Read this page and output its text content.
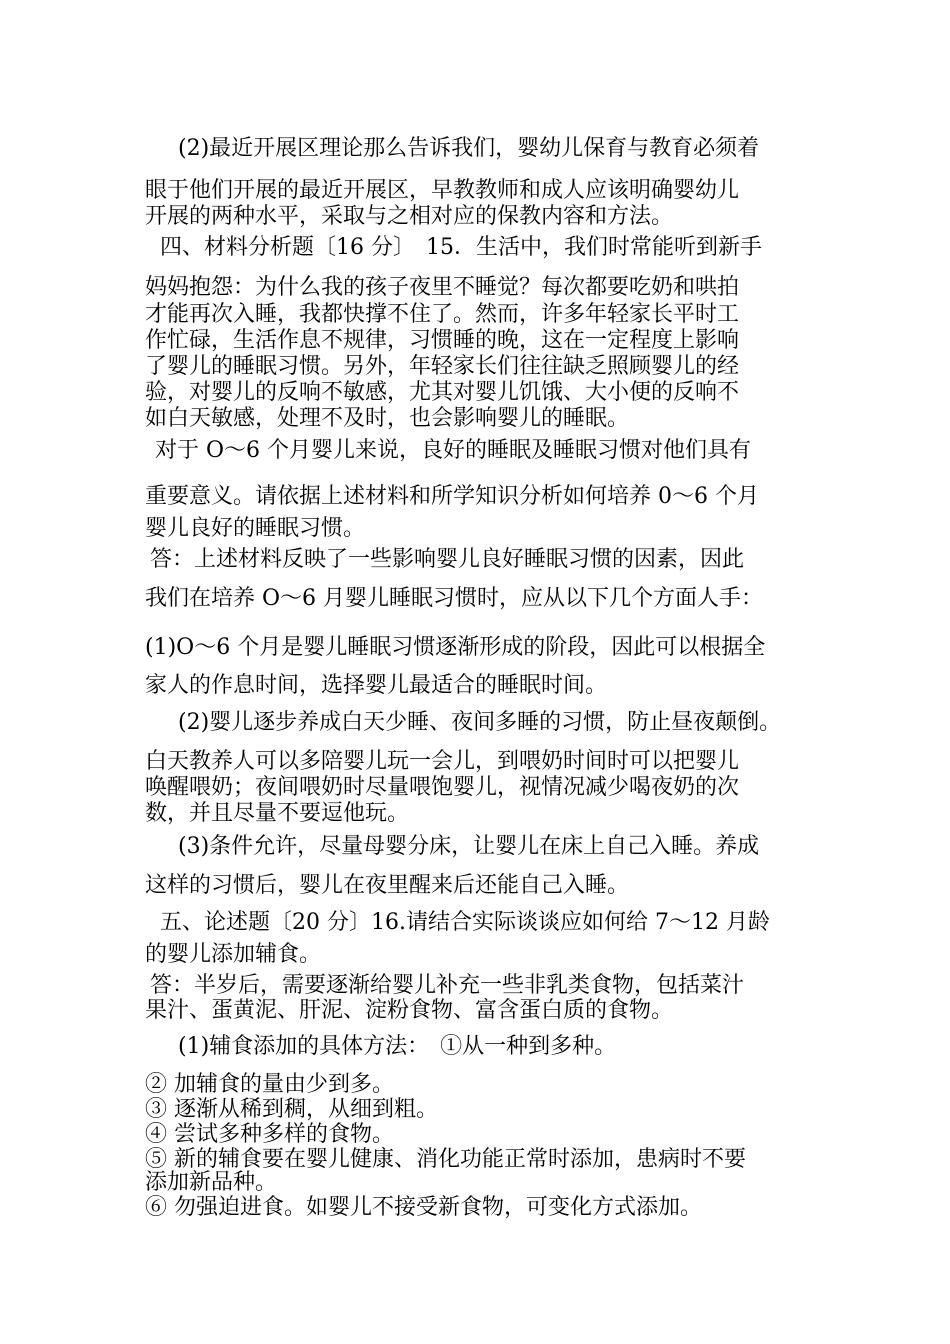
(2)最近开展区理论那么告诉我们，婴幼儿保育与教育必须着
眼于他们开展的最近开展区，早教教师和成人应该明确婴幼儿
开展的两种水平，采取与之相对应的保教内容和方法。
四、材料分析题〔16 分〕　15．生活中，我们时常能听到新手
妈妈抱怨：为什么我的孩子夜里不睡觉？每次都要吃奶和哄拍
才能再次入睡，我都快撑不住了。然而，许多年轻家长平时工
作忙碌，生活作息不规律，习惯睡的晚，这在一定程度上影响
了婴儿的睡眠习惯。另外，年轻家长们往往缺乏照顾婴儿的经
验，对婴儿的反响不敏感，尤其对婴儿饥饿、大小便的反响不
如白天敏感，处理不及时，也会影响婴儿的睡眠。
对于 O～6 个月婴儿来说，良好的睡眠及睡眠习惯对他们具有
重要意义。请依据上述材料和所学知识分析如何培养 0～6 个月
婴儿良好的睡眠习惯。
答：上述材料反映了一些影响婴儿良好睡眠习惯的因素，因此
我们在培养 O～6 月婴儿睡眠习惯时，应从以下几个方面人手：
(1)O～6 个月是婴儿睡眠习惯逐渐形成的阶段，因此可以根据全
家人的作息时间，选择婴儿最适合的睡眠时间。
(2)婴儿逐步养成白天少睡、夜间多睡的习惯，防止昼夜颠倒。
白天教养人可以多陪婴儿玩一会儿，到喂奶时间时可以把婴儿
唤醒喂奶；夜间喂奶时尽量喂饱婴儿，视情况减少喝夜奶的次
数，并且尽量不要逗他玩。
(3)条件允许，尽量母婴分床，让婴儿在床上自己入睡。养成
这样的习惯后，婴儿在夜里醒来后还能自己入睡。
五、论述题〔20 分〕16.请结合实际谈谈应如何给 7～12 月龄
的婴儿添加辅食。
答：半岁后，需要逐渐给婴儿补充一些非乳类食物，包括菜汁
果汁、蛋黄泥、肝泥、淀粉食物、富含蛋白质的食物。
(1)辅食添加的具体方法：　①从一种到多种。
② 加辅食的量由少到多。
③ 逐渐从稀到稠，从细到粗。
④ 尝试多种多样的食物。
⑤ 新的辅食要在婴儿健康、消化功能正常时添加，患病时不要
添加新品种。
⑥ 勿强迫进食。如婴儿不接受新食物，可变化方式添加。
